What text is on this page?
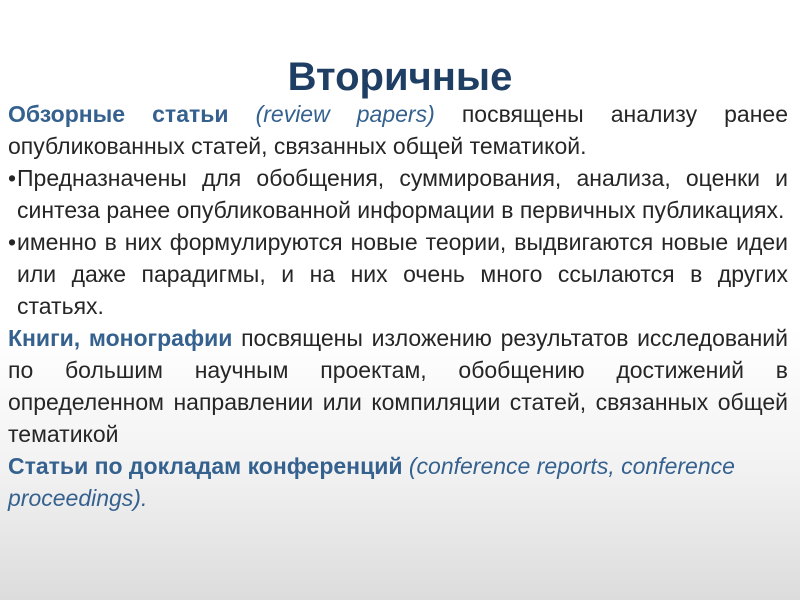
Вторичные

Обзорные статьи (review papers) посвящены анализу ранее опубликованных статей, связанных общей тематикой.

• Предназначены для обобщения, суммирования, анализа, оценки и синтеза ранее опубликованной информации в первичных публикациях.

• именно в них формулируются новые теории, выдвигаются новые идеи или даже парадигмы, и на них очень много ссылаются в других статьях.

Книги, монографии посвящены изложению результатов исследований по большим научным проектам, обобщению достижений в определенном направлении или компиляции статей, связанных общей тематикой

Статьи по докладам конференций (conference reports, conference proceedings).
